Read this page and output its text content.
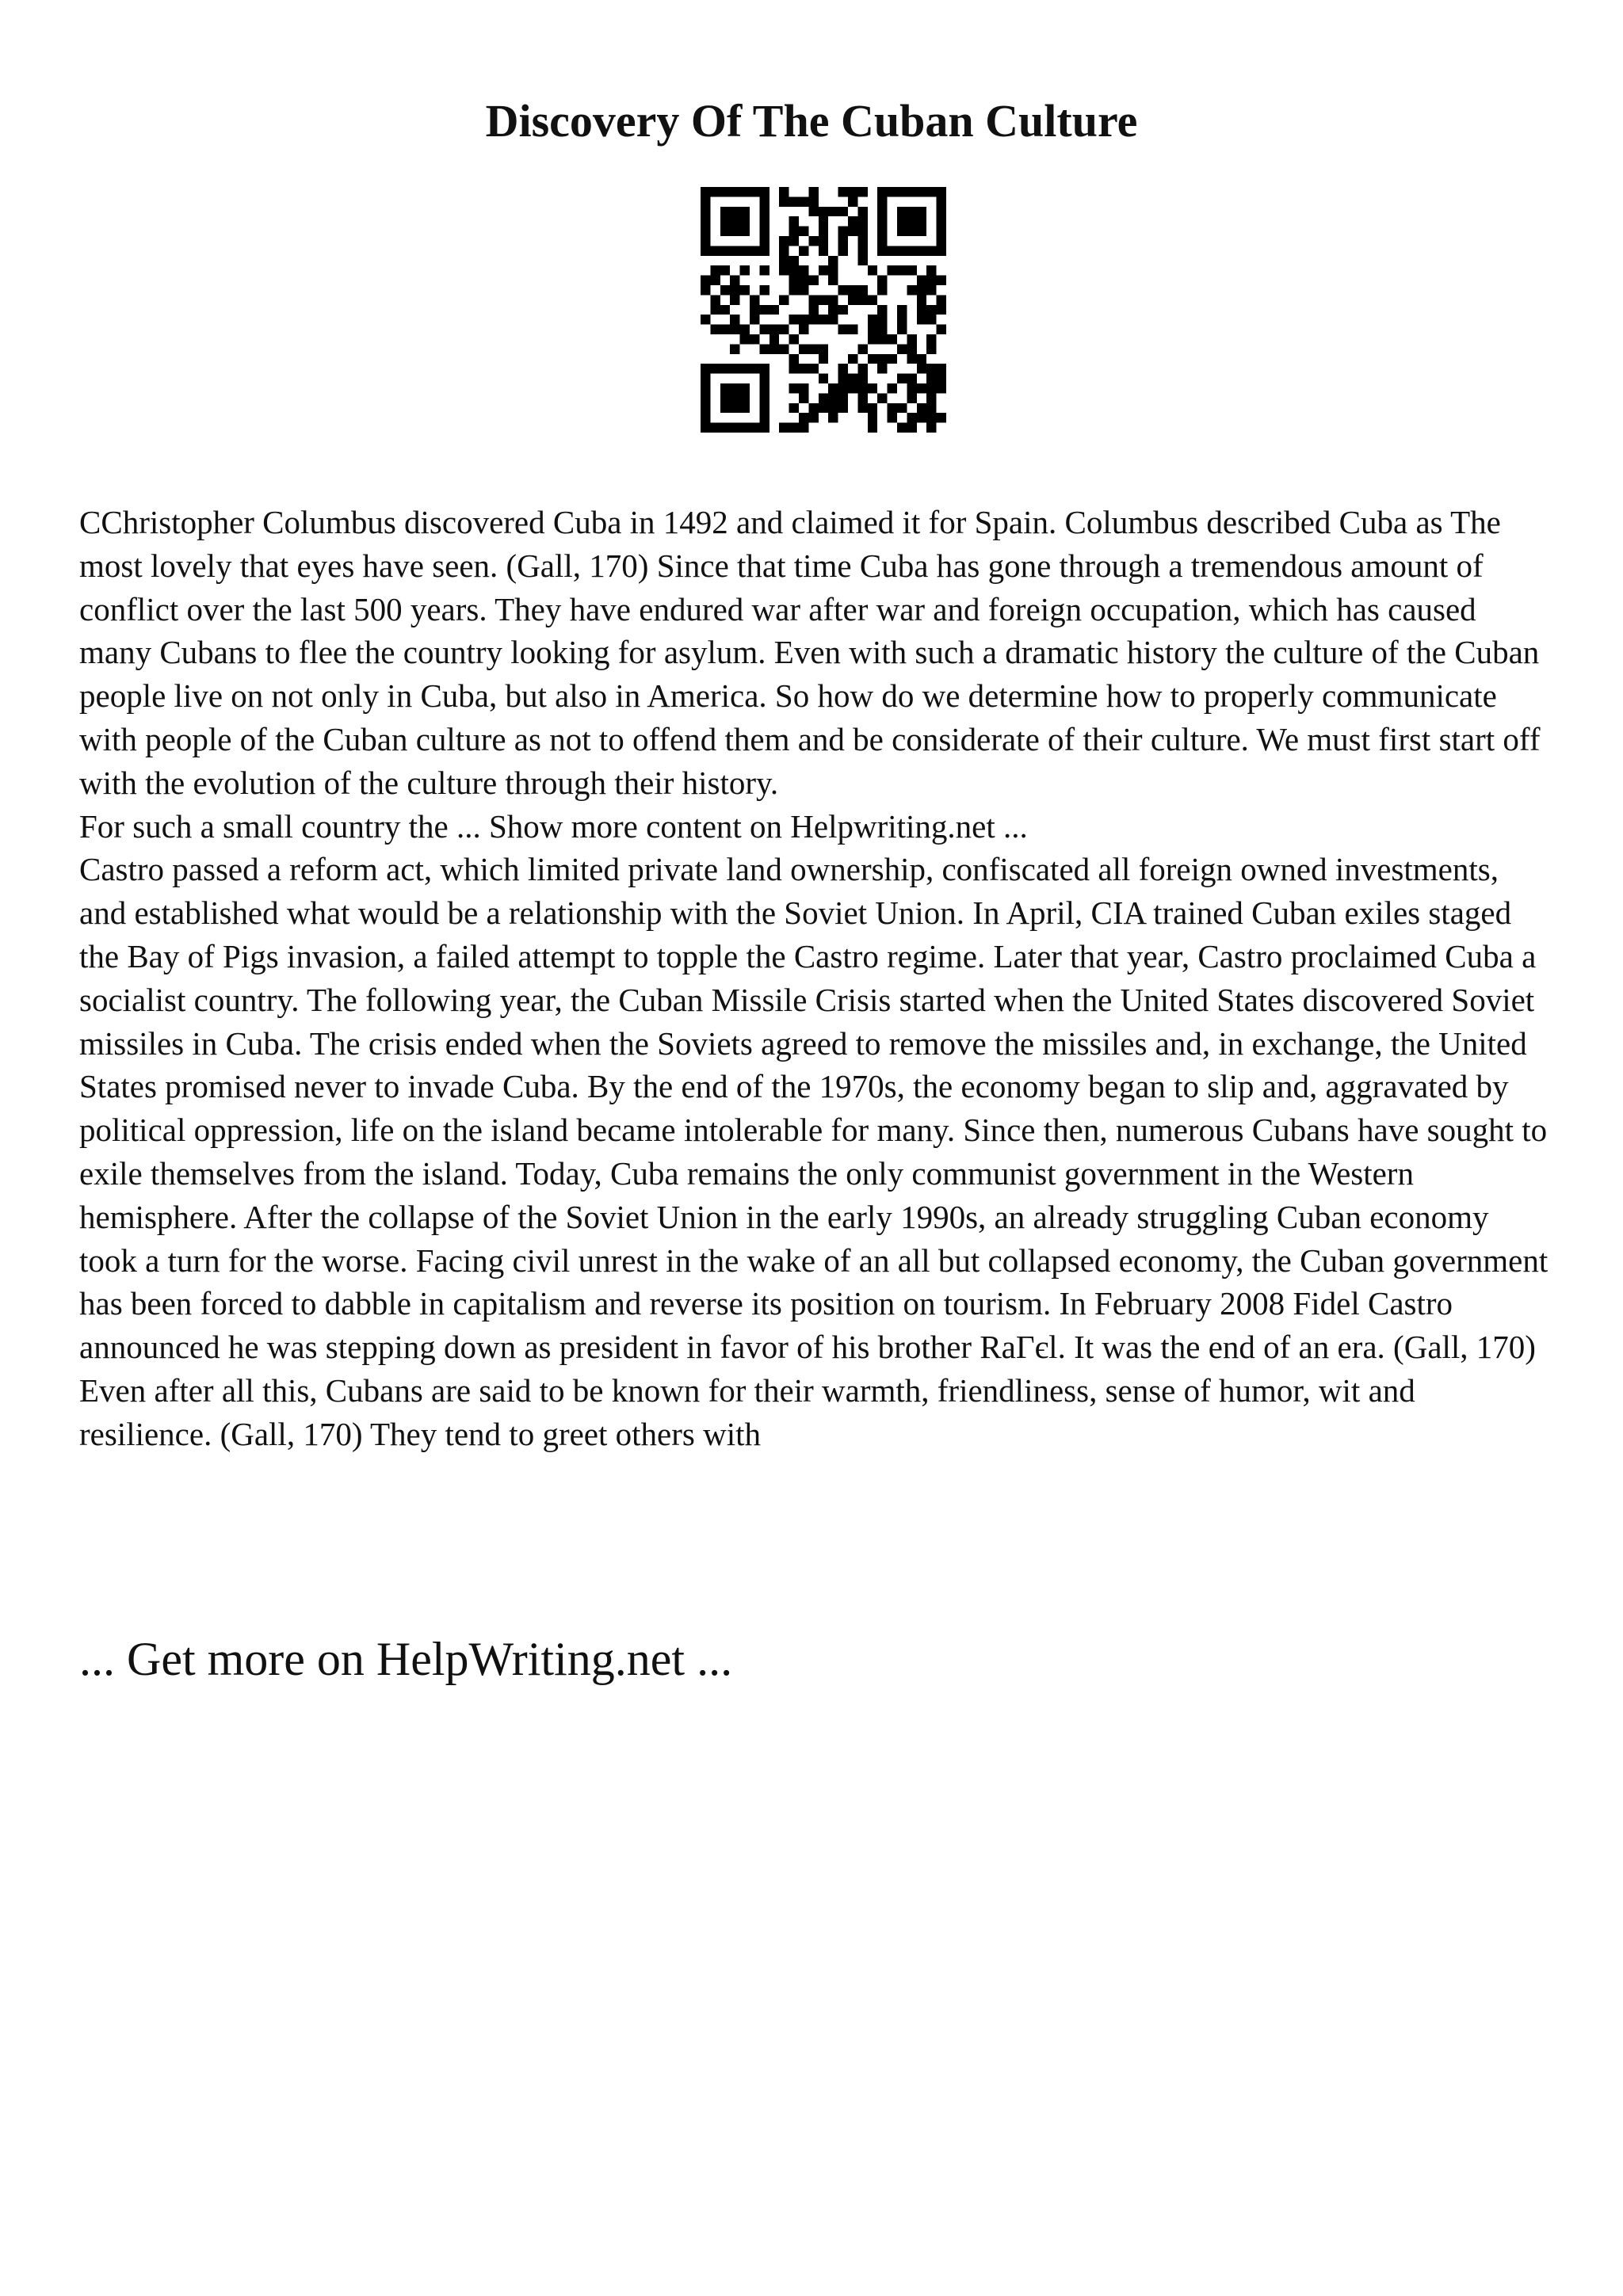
Discovery Of The Cuban Culture

CChristopher Columbus discovered Cuba in 1492 and claimed it for Spain. Columbus described Cuba as The most lovely that eyes have seen. (Gall, 170) Since that time Cuba has gone through a tremendous amount of conflict over the last 500 years. They have endured war after war and foreign occupation, which has caused many Cubans to flee the country looking for asylum. Even with such a dramatic history the culture of the Cuban people live on not only in Cuba, but also in America. So how do we determine how to properly communicate with people of the Cuban culture as not to offend them and be considerate of their culture. We must first start off with the evolution of the culture through their history.

For such a small country the ... Show more content on Helpwriting.net ...

Castro passed a reform act, which limited private land ownership, confiscated all foreign owned investments, and established what would be a relationship with the Soviet Union. In April, CIA trained Cuban exiles staged the Bay of Pigs invasion, a failed attempt to topple the Castro regime. Later that year, Castro proclaimed Cuba a socialist country. The following year, the Cuban Missile Crisis started when the United States discovered Soviet missiles in Cuba. The crisis ended when the Soviets agreed to remove the missiles and, in exchange, the United States promised never to invade Cuba. By the end of the 1970s, the economy began to slip and, aggravated by political oppression, life on the island became intolerable for many. Since then, numerous Cubans have sought to exile themselves from the island. Today, Cuba remains the only communist government in the Western hemisphere. After the collapse of the Soviet Union in the early 1990s, an already struggling Cuban economy took a turn for the worse. Facing civil unrest in the wake of an all but collapsed economy, the Cuban government has been forced to dabble in capitalism and reverse its position on tourism. In February 2008 Fidel Castro announced he was stepping down as president in favor of his brother RaΓєl. It was the end of an era. (Gall, 170)

Even after all this, Cubans are said to be known for their warmth, friendliness, sense of humor, wit and resilience. (Gall, 170) They tend to greet others with

... Get more on HelpWriting.net ...
